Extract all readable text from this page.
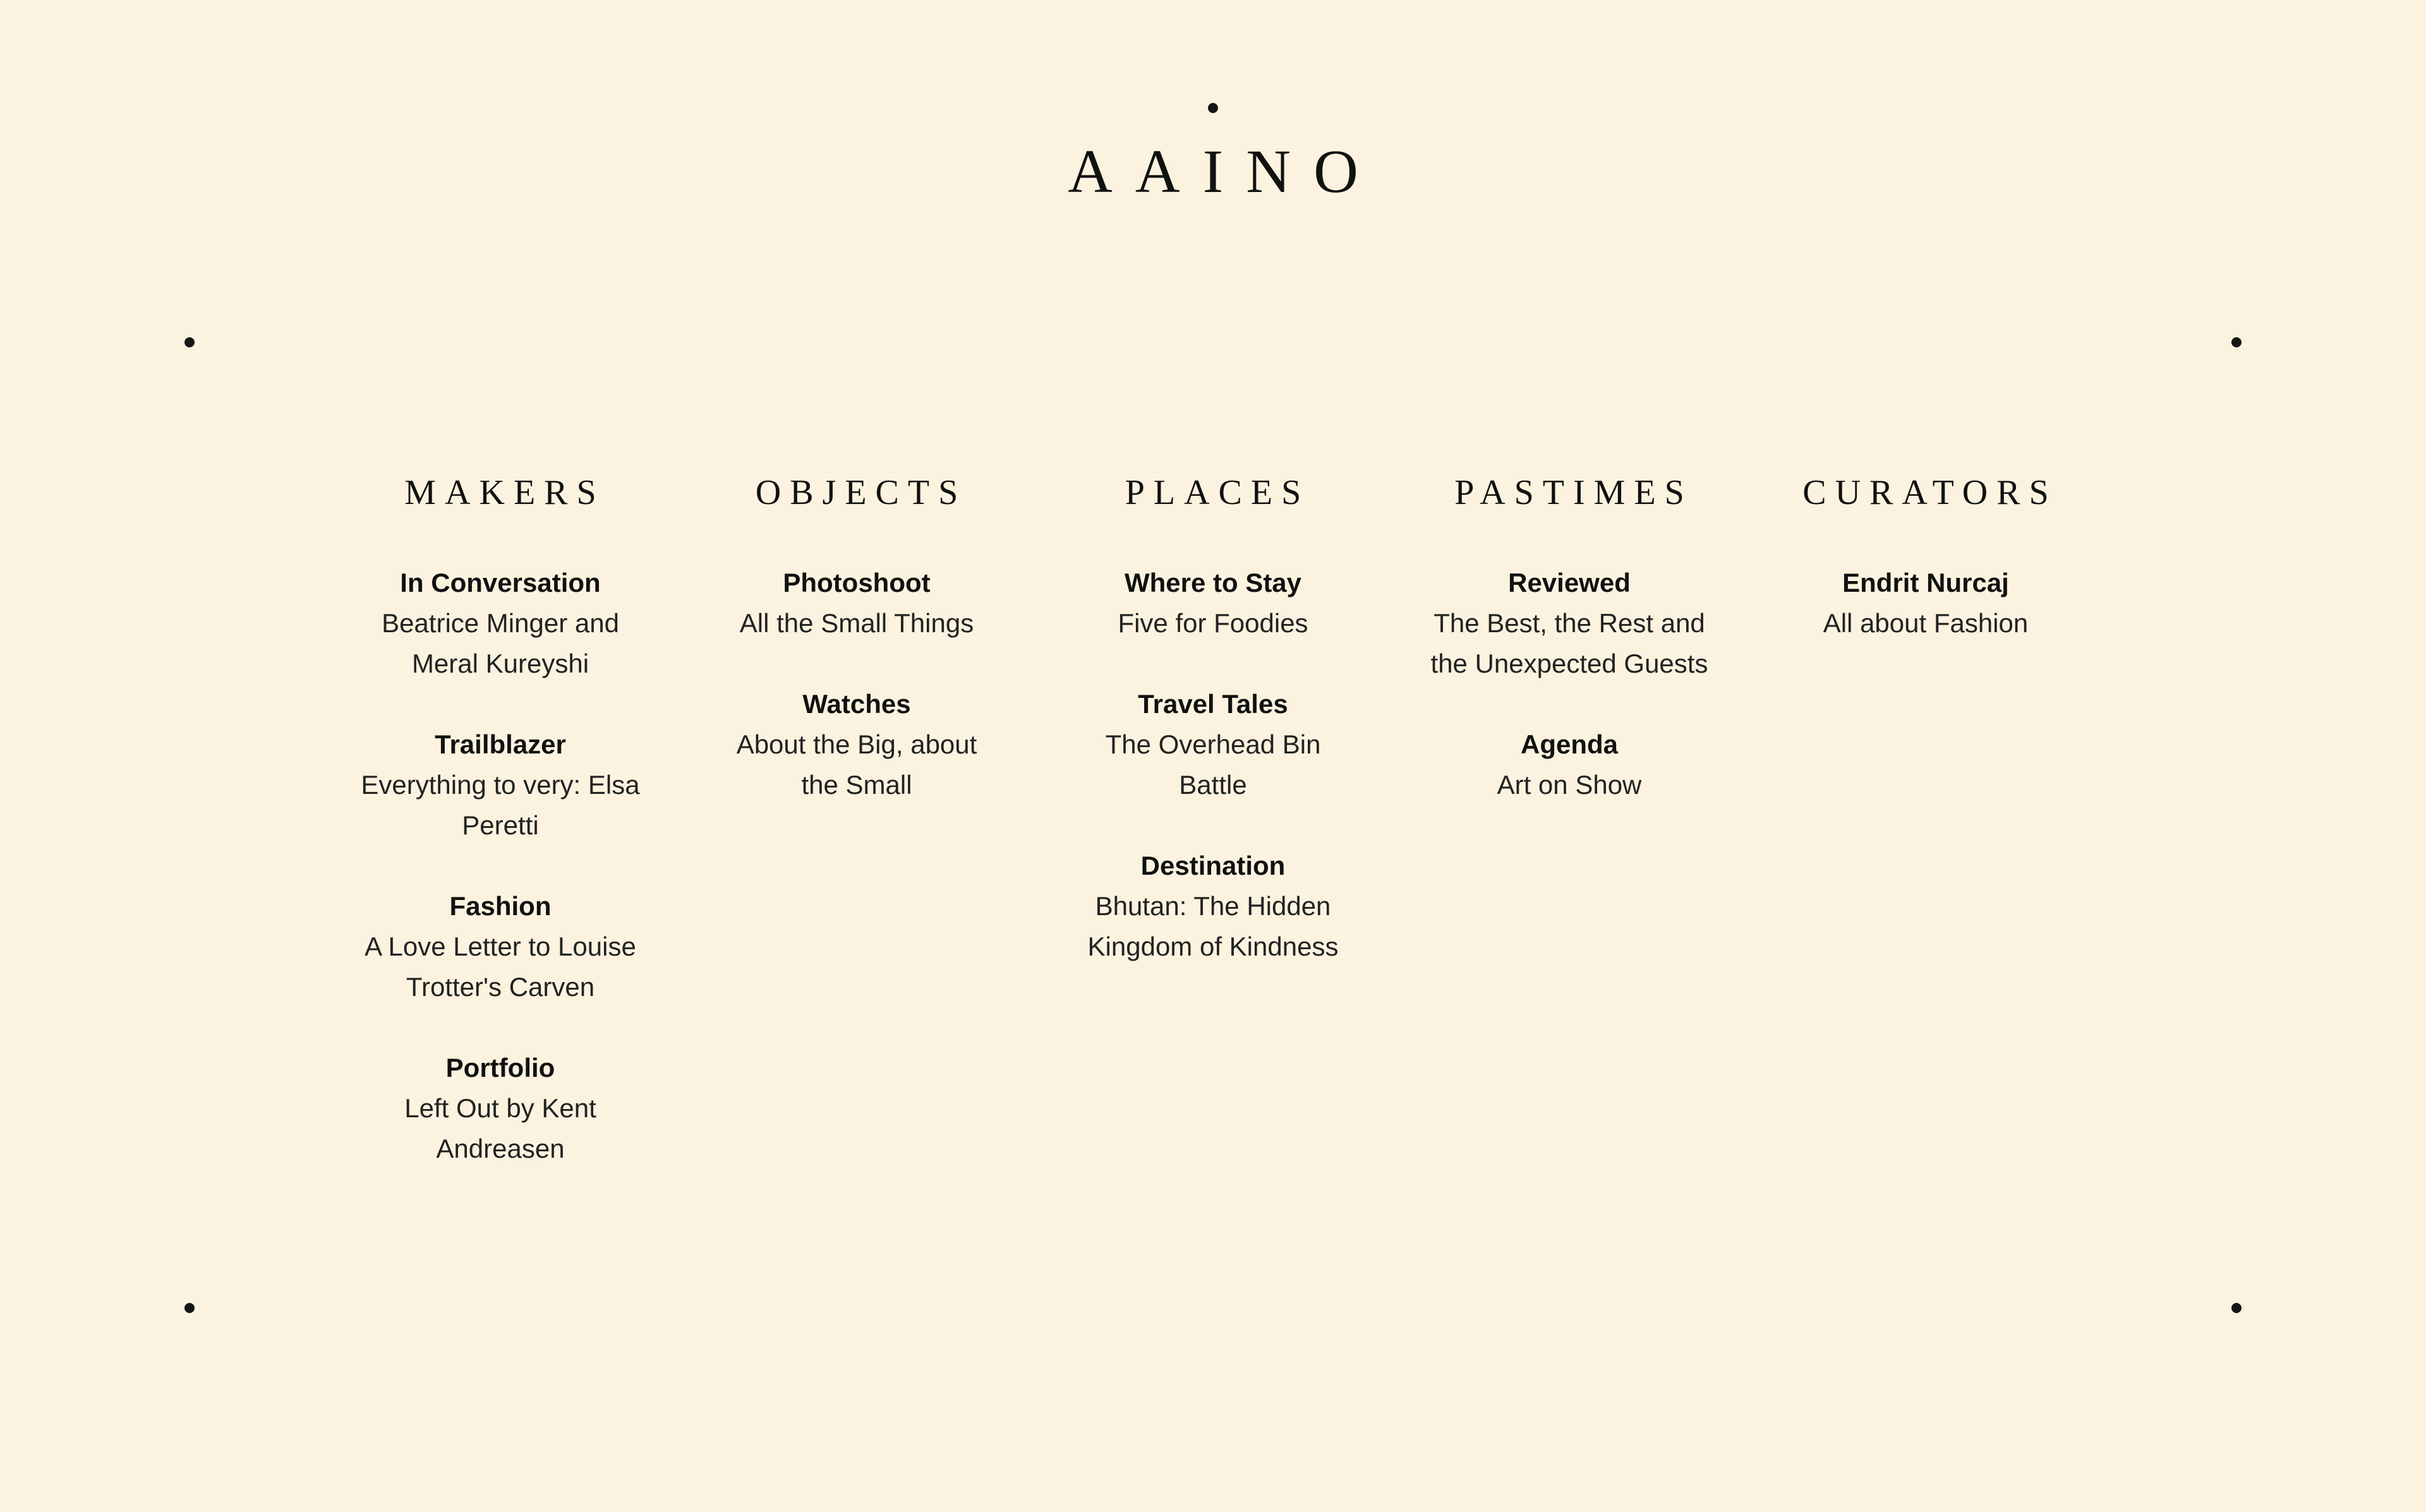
AAINO
MAKERS
In Conversation
Beatrice Minger and Meral Kureyshi
Trailblazer
Everything to very: Elsa Peretti
Fashion
A Love Letter to Louise Trotter's Carven
Portfolio
Left Out by Kent Andreasen
OBJECTS
Photoshoot
All the Small Things
Watches
About the Big, about the Small
PLACES
Where to Stay
Five for Foodies
Travel Tales
The Overhead Bin Battle
Destination
Bhutan: The Hidden Kingdom of Kindness
PASTIMES
Reviewed
The Best, the Rest and the Unexpected Guests
Agenda
Art on Show
CURATORS
Endrit Nurcaj
All about Fashion
